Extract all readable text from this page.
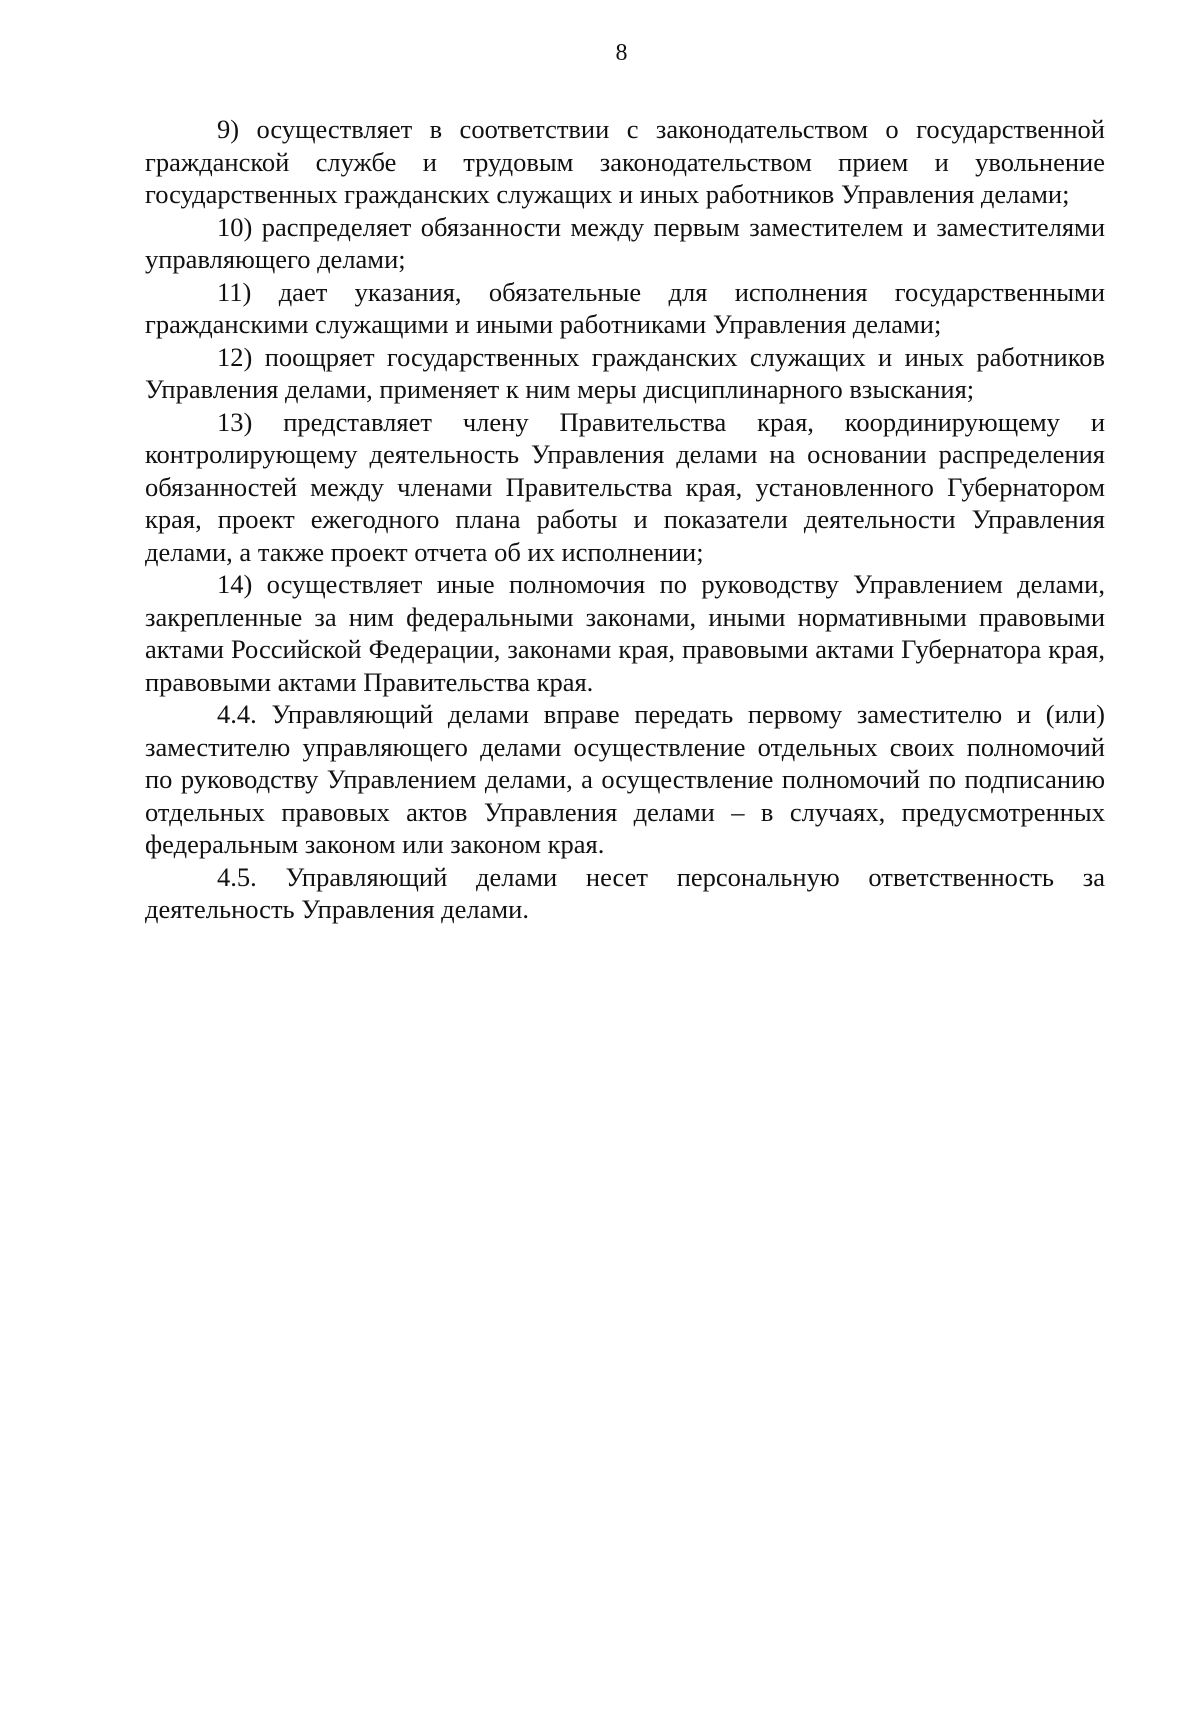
8

9) осуществляет в соответствии с законодательством о государственной гражданской службе и трудовым законодательством прием и увольнение государственных гражданских служащих и иных работников Управления делами;

10) распределяет обязанности между первым заместителем и заместителями управляющего делами;

11) дает указания, обязательные для исполнения государственными гражданскими служащими и иными работниками Управления делами;

12) поощряет государственных гражданских служащих и иных работников Управления делами, применяет к ним меры дисциплинарного взыскания;

13) представляет члену Правительства края, координирующему и контролирующему деятельность Управления делами на основании распределения обязанностей между членами Правительства края, установленного Губернатором края, проект ежегодного плана работы и показатели деятельности Управления делами, а также проект отчета об их исполнении;

14) осуществляет иные полномочия по руководству Управлением делами, закрепленные за ним федеральными законами, иными нормативными правовыми актами Российской Федерации, законами края, правовыми актами Губернатора края, правовыми актами Правительства края.

4.4. Управляющий делами вправе передать первому заместителю и (или) заместителю управляющего делами осуществление отдельных своих полномочий по руководству Управлением делами, а осуществление полномочий по подписанию отдельных правовых актов Управления делами – в случаях, предусмотренных федеральным законом или законом края.

4.5. Управляющий делами несет персональную ответственность за деятельность Управления делами.
